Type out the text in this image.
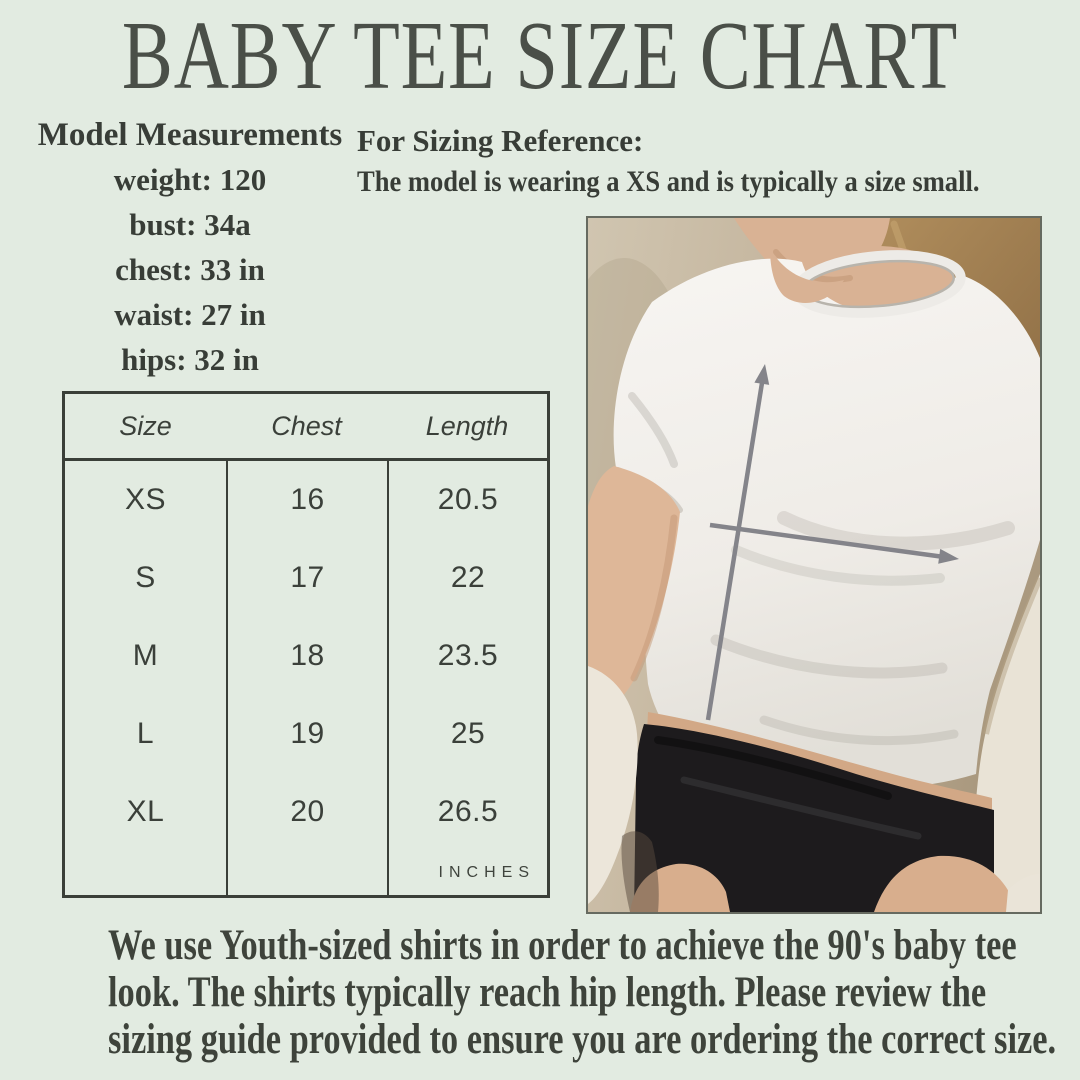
BABY TEE SIZE CHART
Model Measurements
weight: 120
bust: 34a
chest: 33 in
waist: 27 in
hips: 32 in
For Sizing Reference:
The model is wearing a XS and is typically a size small.
Size	Chest	Length
XS	16	20.5
S	17	22
M	18	23.5
L	19	25
XL	20	26.5
INCHES
We use Youth-sized shirts in order to achieve the 90's baby tee
look. The shirts typically reach hip length. Please review the
sizing guide provided to ensure you are ordering the correct size.
